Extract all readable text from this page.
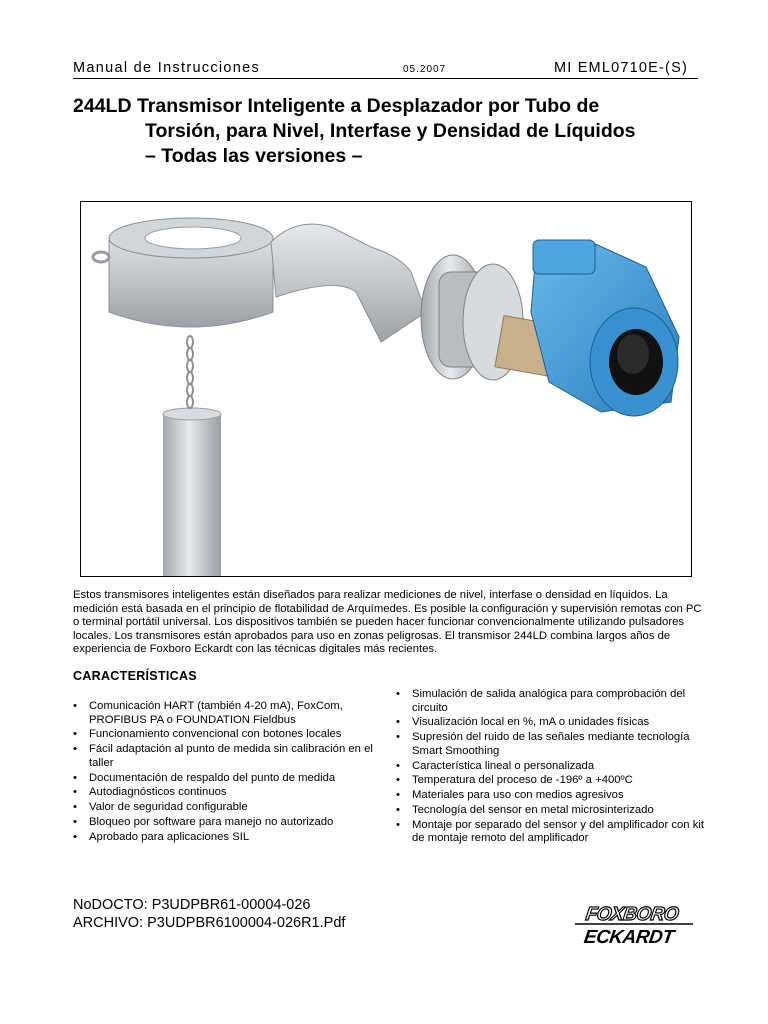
Manual de Instrucciones	05.2007	MI EML0710E-(S)
244LD Transmisor Inteligente a Desplazador por Tubo de
Torsión, para Nivel, Interfase y Densidad de Líquidos
– Todas las versiones –
Estos transmisores inteligentes están diseñados para realizar mediciones de nivel, interfase o densidad en líquidos. La medición está basada en el principio de flotabilidad de Arquímedes. Es posible la configuración y supervisión remotas con PC o terminal portátil universal. Los dispositivos también se pueden hacer funcionar convencionalmente utilizando pulsadores locales. Los transmisores están aprobados para uso en zonas peligrosas. El transmisor 244LD combina largos años de experiencia de Foxboro Eckardt con las técnicas digitales más recientes.
CARACTERÍSTICAS
• Comunicación HART (también 4-20 mA), FoxCom, PROFIBUS PA o FOUNDATION Fieldbus
• Funcionamiento convencional con botones locales
• Fácil adaptación al punto de medida sin calibración en el taller
• Documentación de respaldo del punto de medida
• Autodiagnósticos continuos
• Valor de seguridad configurable
• Bloqueo por software para manejo no autorizado
• Aprobado para aplicaciones SIL
• Simulación de salida analógica para comprobación del circuito
• Visualización local en %, mA o unidades físicas
• Supresión del ruido de las señales mediante tecnología Smart Smoothing
• Característica lineal o personalizada
• Temperatura del proceso de -196º a +400ºC
• Materiales para uso con medios agresivos
• Tecnología del sensor en metal microsinterizado
• Montaje por separado del sensor y del amplificador con kit de montaje remoto del amplificador
NoDOCTO: P3UDPBR61-00004-026
ARCHIVO: P3UDPBR6100004-026R1.Pdf	FOXBORO
ECKARDT
